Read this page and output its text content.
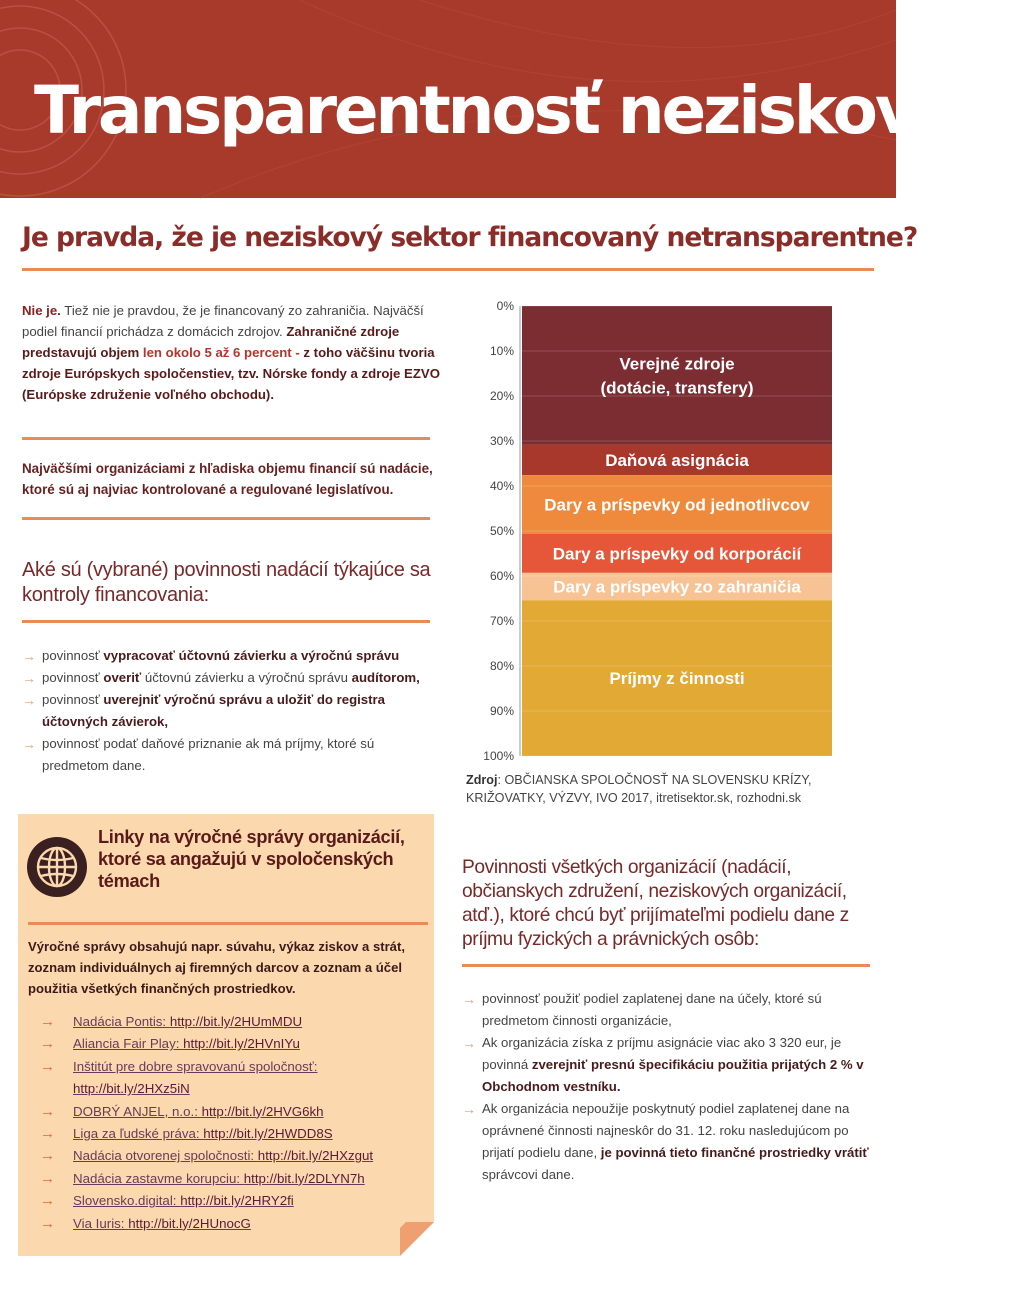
Transparentnosť neziskoviek
Je pravda, že je neziskový sektor financovaný netransparentne?
Nie je. Tiež nie je pravdou, že je financovaný zo zahraničia. Najväčší podiel financií prichádza z domácich zdrojov. Zahraničné zdroje predstavujú objem len okolo 5 až 6 percent - z toho väčšinu tvoria zdroje Európskych spoločenstiev, tzv. Nórske fondy a zdroje EZVO (Európske združenie voľného obchodu).
Najväčšími organizáciami z hľadiska objemu financií sú nadácie, ktoré sú aj najviac kontrolované a regulované legislatívou.
Aké sú (vybrané) povinnosti nadácií týkajúce sa kontroly financovania:
→ povinnosť vypracovať účtovnú závierku a výročnú správu
→ povinnosť overiť účtovnú závierku a výročnú správu audítorom,
→ povinnosť uverejniť výročnú správu a uložiť do registra účtovných závierok,
→ povinnosť podať daňové priznanie ak má príjmy, ktoré sú predmetom dane.
0%
10%
20%
30%
40%
50%
60%
70%
80%
90%
100%
Verejné zdroje (dotácie, transfery)
Daňová asignácia
Dary a príspevky od jednotlivcov
Dary a príspevky od korporácií
Dary a príspevky zo zahraničia
Príjmy z činnosti
Zdroj: OBČIANSKA SPOLOČNOSŤ NA SLOVENSKU KRÍZY, KRIŽOVATKY, VÝZVY, IVO 2017, itretisektor.sk, rozhodni.sk
Linky na výročné správy organizácií, ktoré sa angažujú v spoločenských témach
Výročné správy obsahujú napr. súvahu, výkaz ziskov a strát, zoznam individuálnych aj firemných darcov a zoznam a účel použitia všetkých finančných prostriedkov.
→ Nadácia Pontis: http://bit.ly/2HUmMDU
→ Aliancia Fair Play: http://bit.ly/2HVnIYu
→ Inštitút pre dobre spravovanú spoločnosť: http://bit.ly/2HXz5iN
→ DOBRÝ ANJEL, n.o.: http://bit.ly/2HVG6kh
→ Liga za ľudské práva: http://bit.ly/2HWDD8S
→ Nadácia otvorenej spoločnosti: http://bit.ly/2HXzgut
→ Nadácia zastavme korupciu: http://bit.ly/2DLYN7h
→ Slovensko.digital: http://bit.ly/2HRY2fi
→ Via Iuris: http://bit.ly/2HUnocG
Povinnosti všetkých organizácií (nadácií, občianskych združení, neziskových organizácií, atď.), ktoré chcú byť prijímateľmi podielu dane z príjmu fyzických a právnických osôb:
→ povinnosť použiť podiel zaplatenej dane na účely, ktoré sú predmetom činnosti organizácie,
→ Ak organizácia získa z príjmu asignácie viac ako 3 320 eur, je povinná zverejniť presnú špecifikáciu použitia prijatých 2 % v Obchodnom vestníku.
→ Ak organizácia nepoužije poskytnutý podiel zaplatenej dane na oprávnené činnosti najneskôr do 31. 12. roku nasledujúcom po prijatí podielu dane, je povinná tieto finančné prostriedky vrátiť správcovi dane.
